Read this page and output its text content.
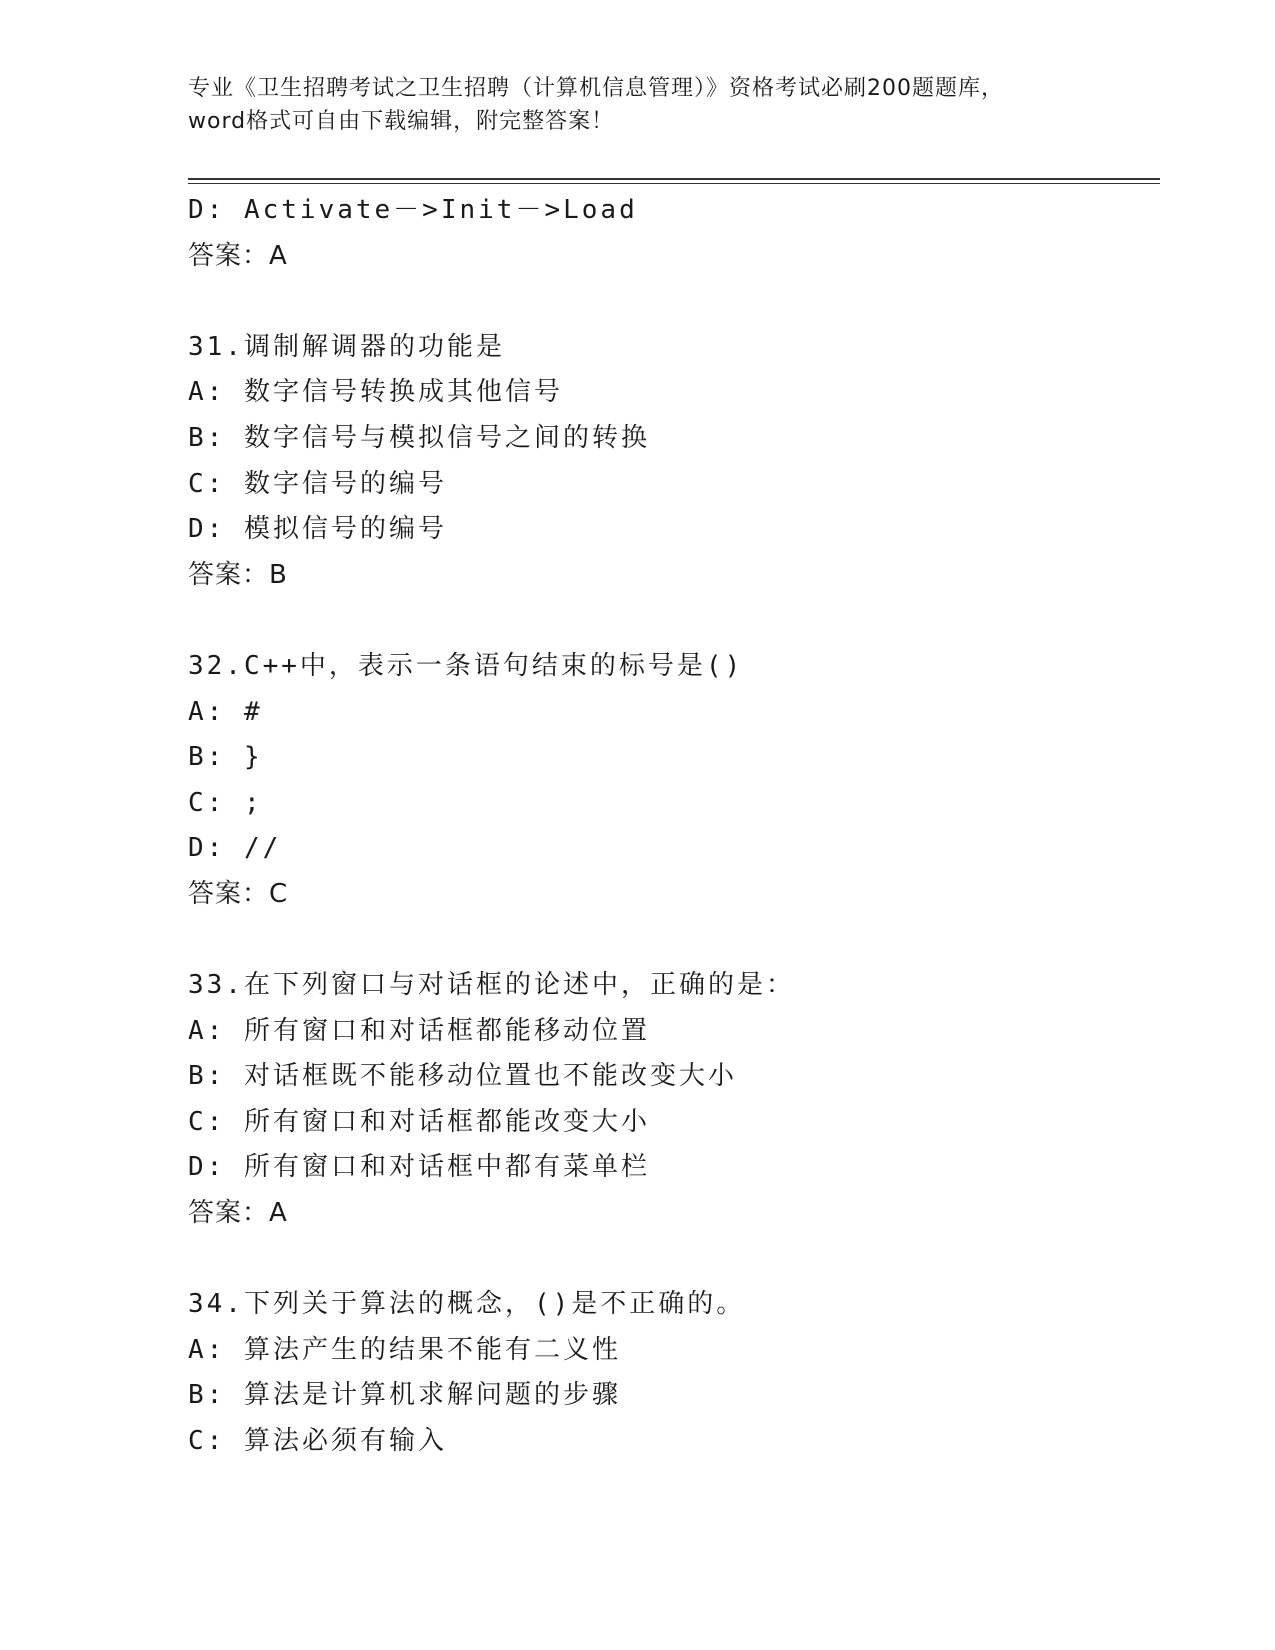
专业《卫生招聘考试之卫生招聘（计算机信息管理）》资格考试必刷200题题库，
word格式可自由下载编辑，附完整答案！
D: Activate－>Init－>Load
答案：A
31.调制解调器的功能是
A: 数字信号转换成其他信号
B: 数字信号与模拟信号之间的转换
C: 数字信号的编号
D: 模拟信号的编号
答案：B
32.C++中，表示一条语句结束的标号是()
A: #
B: }
C: ;
D: //
答案：C
33.在下列窗口与对话框的论述中，正确的是：
A: 所有窗口和对话框都能移动位置
B: 对话框既不能移动位置也不能改变大小
C: 所有窗口和对话框都能改变大小
D: 所有窗口和对话框中都有菜单栏
答案：A
34.下列关于算法的概念，()是不正确的。
A: 算法产生的结果不能有二义性
B: 算法是计算机求解问题的步骤
C: 算法必须有输入
